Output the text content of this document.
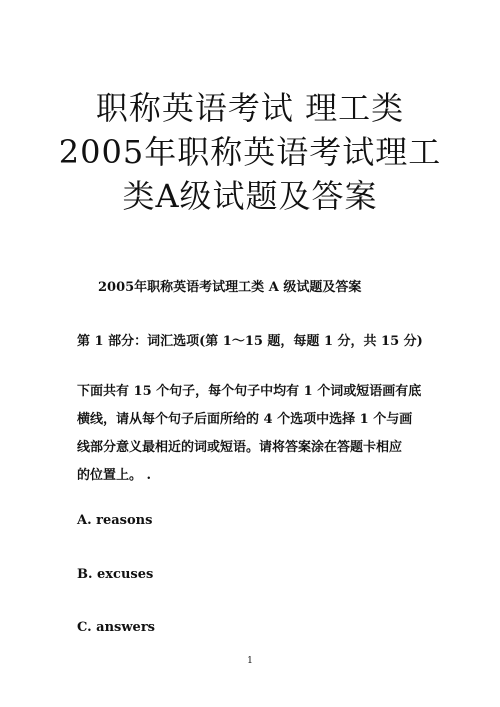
职称英语考试 理工类
2005年职称英语考试理工
类A级试题及答案
2005年职称英语考试理工类 A 级试题及答案
第 1 部分：词汇选项(第 1～15 题，每题 1 分，共 15 分)
下面共有 15 个句子，每个句子中均有 1 个词或短语画有底
横线，请从每个句子后面所给的 4 个选项中选择 1 个与画
线部分意义最相近的词或短语。请将答案涂在答题卡相应
的位置上。 .
A. reasons
B. excuses
C. answers
1
